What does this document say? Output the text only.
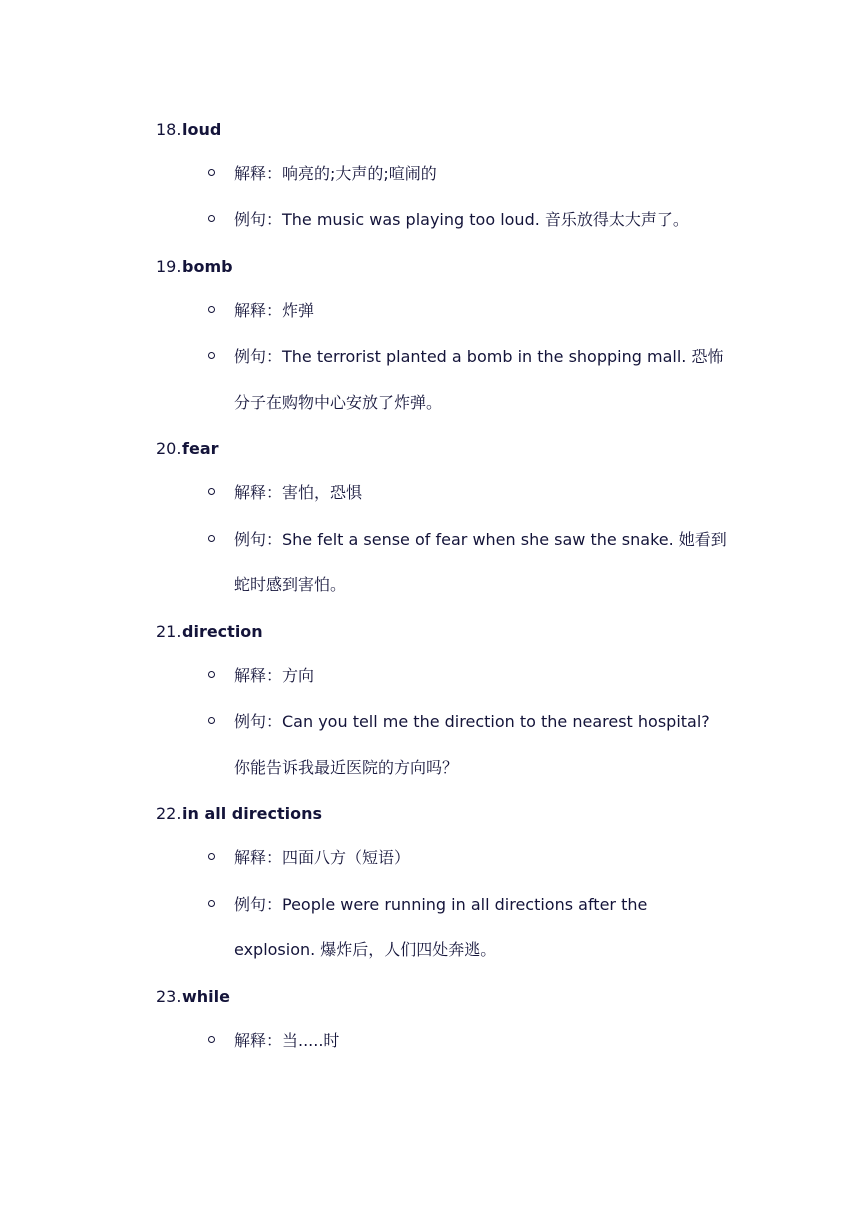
18.loud
解释：响亮的;大声的;喧闹的
例句：The music was playing too loud. 音乐放得太大声了。
19.bomb
解释：炸弹
例句：The terrorist planted a bomb in the shopping mall. 恐怖
分子在购物中心安放了炸弹。
20.fear
解释：害怕，恐惧
例句：She felt a sense of fear when she saw the snake. 她看到
蛇时感到害怕。
21.direction
解释：方向
例句：Can you tell me the direction to the nearest hospital?
你能告诉我最近医院的方向吗？
22.in all directions
解释：四面八方（短语）
例句：People were running in all directions after the
explosion. 爆炸后，人们四处奔逃。
23.while
解释：当.....时
